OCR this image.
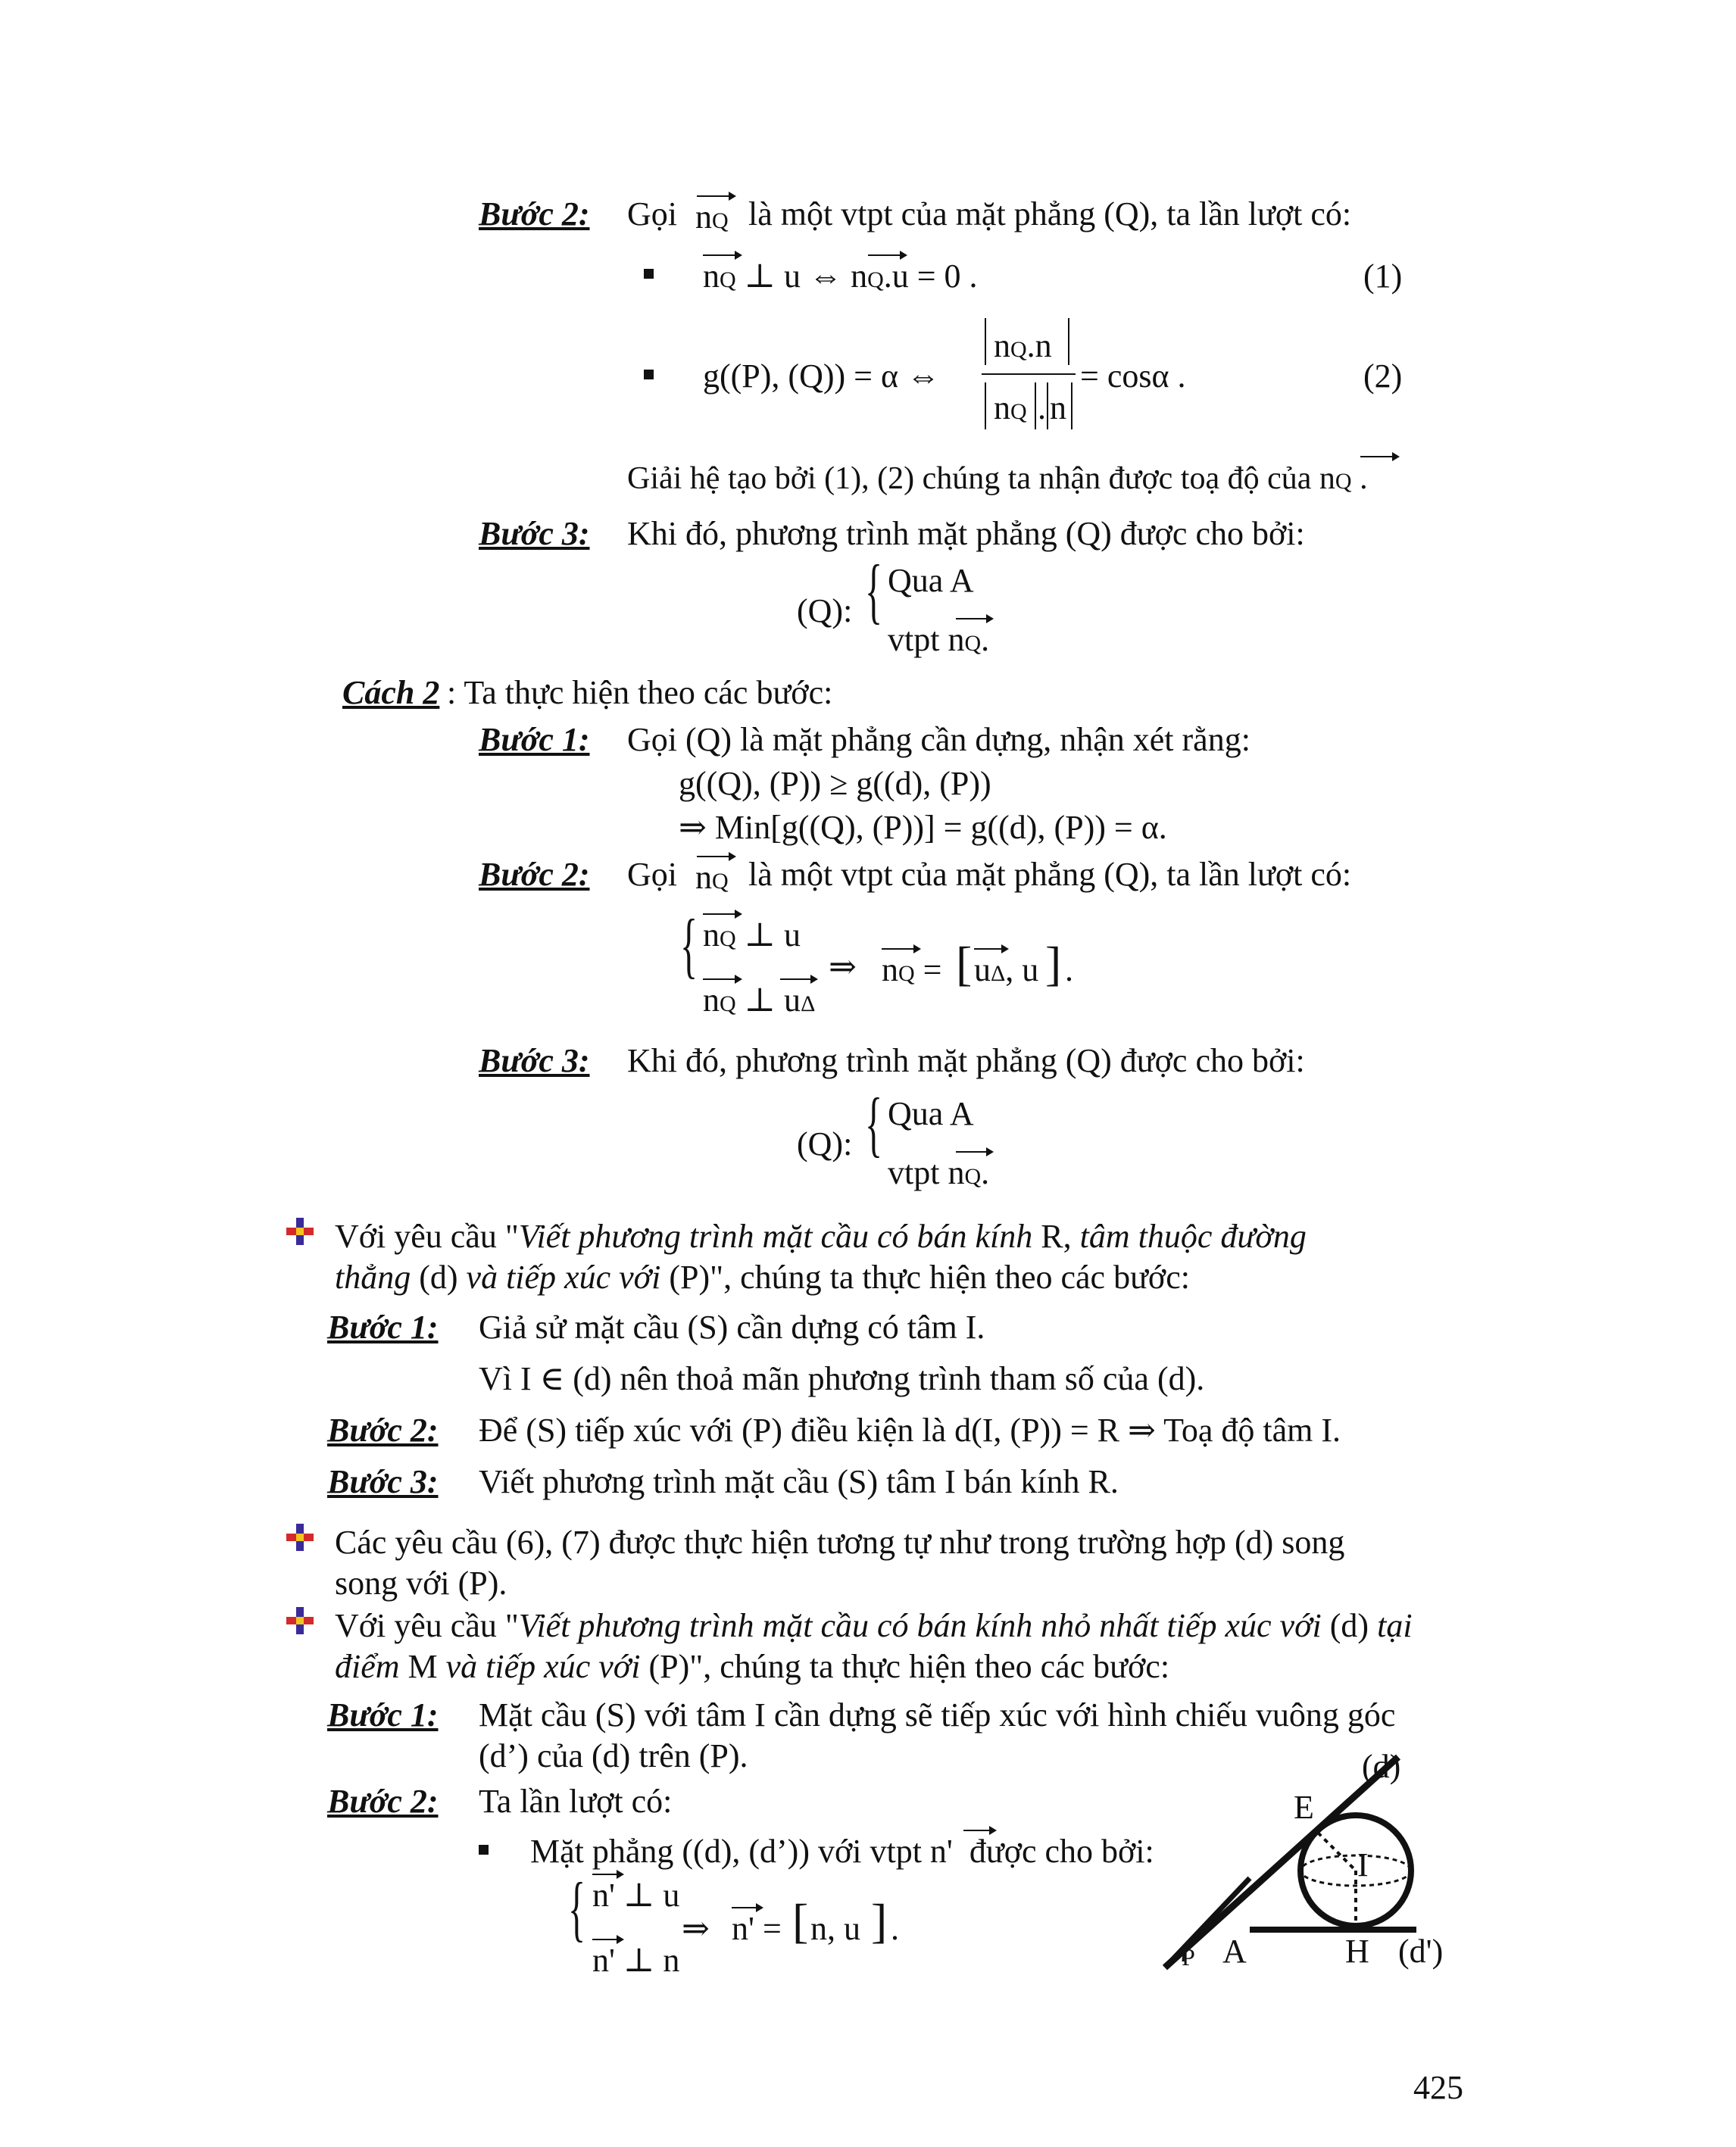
Bước 2: Gọi nQ là một vtpt của mặt phẳng (Q), ta lần lượt có:
nQ ⊥ u ⇔ nQ.u = 0 .	(1)
g((P), (Q)) = α ⇔
nQ.n
nQ . n
= cosα .	(2)
Giải hệ tạo bởi (1), (2) chúng ta nhận được toạ độ của nQ .
Bước 3: Khi đó, phương trình mặt phẳng (Q) được cho bởi:
(Q): { Qua A
vtpt nQ.
Cách 2 : Ta thực hiện theo các bước:
Bước 1: Gọi (Q) là mặt phẳng cần dựng, nhận xét rằng:
g((Q), (P)) ≥ g((d), (P))
⇒ Min[g((Q), (P))] = g((d), (P)) = α.
Bước 2: Gọi nQ là một vtpt của mặt phẳng (Q), ta lần lượt có:
{ nQ ⊥ u
nQ ⊥ uΔ
⇒ nQ = [ uΔ, u ] .
Bước 3: Khi đó, phương trình mặt phẳng (Q) được cho bởi:
(Q): { Qua A
vtpt nQ.
Với yêu cầu "Viết phương trình mặt cầu có bán kính R, tâm thuộc đường
thẳng (d) và tiếp xúc với (P)", chúng ta thực hiện theo các bước:
Bước 1: Giả sử mặt cầu (S) cần dựng có tâm I.
Vì I ∈ (d) nên thoả mãn phương trình tham số của (d).
Bước 2: Để (S) tiếp xúc với (P) điều kiện là d(I, (P)) = R ⇒ Toạ độ tâm I.
Bước 3: Viết phương trình mặt cầu (S) tâm I bán kính R.
Các yêu cầu (6), (7) được thực hiện tương tự như trong trường hợp (d) song
song với (P).
Với yêu cầu "Viết phương trình mặt cầu có bán kính nhỏ nhất tiếp xúc với (d) tại
điểm M và tiếp xúc với (P)", chúng ta thực hiện theo các bước:
Bước 1: Mặt cầu (S) với tâm I cần dựng sẽ tiếp xúc với hình chiếu vuông góc
(d’) của (d) trên (P).
Bước 2: Ta lần lượt có:
Mặt phẳng ((d), (d’)) với vtpt n' được cho bởi:
{ n' ⊥ u
n' ⊥ n
⇒ n' = [ n, u ] .
(d)
E
I
H
A
P	(d')
425
